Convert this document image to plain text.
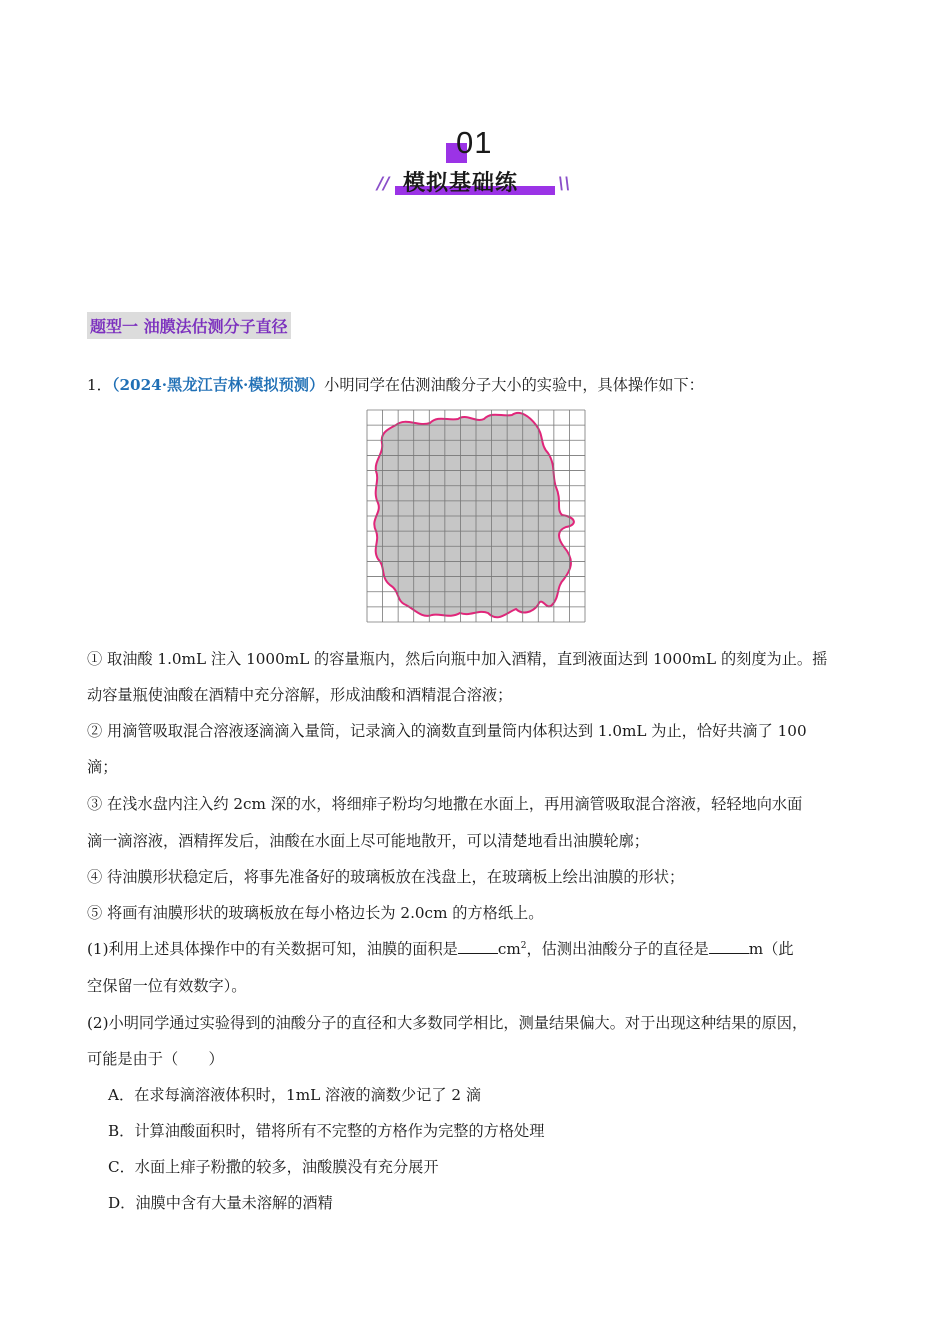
01
// 模拟基础练 \\
题型一 油膜法估测分子直径
1．（2024·黑龙江吉林·模拟预测）小明同学在估测油酸分子大小的实验中，具体操作如下：
① 取油酸 1.0mL 注入 1000mL 的容量瓶内，然后向瓶中加入酒精，直到液面达到 1000mL 的刻度为止。摇
动容量瓶使油酸在酒精中充分溶解，形成油酸和酒精混合溶液；
② 用滴管吸取混合溶液逐滴滴入量筒，记录滴入的滴数直到量筒内体积达到 1.0mL 为止，恰好共滴了 100
滴；
③ 在浅水盘内注入约 2cm 深的水，将细痱子粉均匀地撒在水面上，再用滴管吸取混合溶液，轻轻地向水面
滴一滴溶液，酒精挥发后，油酸在水面上尽可能地散开，可以清楚地看出油膜轮廓；
④ 待油膜形状稳定后，将事先准备好的玻璃板放在浅盘上，在玻璃板上绘出油膜的形状；
⑤ 将画有油膜形状的玻璃板放在每小格边长为 2.0cm 的方格纸上。
(1)利用上述具体操作中的有关数据可知，油膜的面积是	$cm^2$，估测出油酸分子的直径是	m（此
空保留一位有效数字）。
(2)小明同学通过实验得到的油酸分子的直径和大多数同学相比，测量结果偏大。对于出现这种结果的原因，
可能是由于（　　）
A．在求每滴溶液体积时，1mL 溶液的滴数少记了 2 滴
B．计算油酸面积时，错将所有不完整的方格作为完整的方格处理
C．水面上痱子粉撒的较多，油酸膜没有充分展开
D．油膜中含有大量未溶解的酒精
